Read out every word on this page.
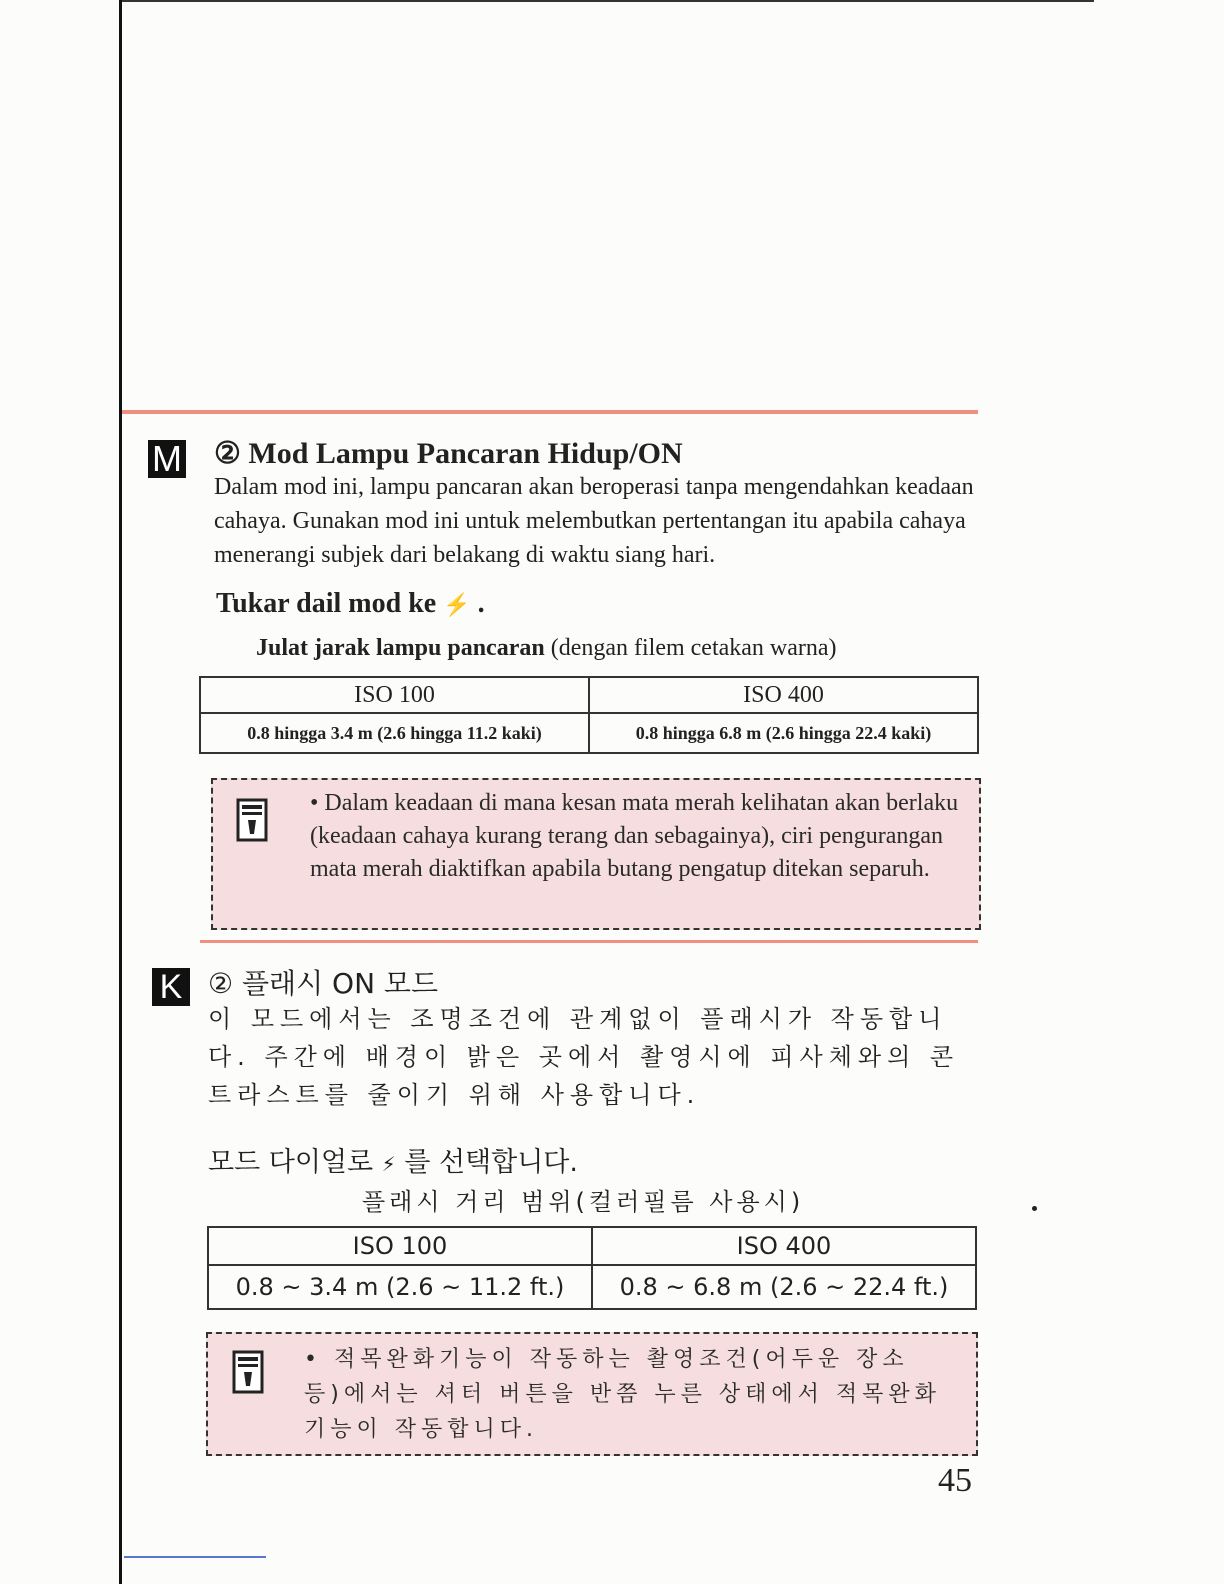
M ② Mod Lampu Pancaran Hidup/ON
Dalam mod ini, lampu pancaran akan beroperasi tanpa mengendahkan keadaan cahaya. Gunakan mod ini untuk melembutkan pertentangan itu apabila cahaya menerangi subjek dari belakang di waktu siang hari.
Tukar dail mod ke ⚡ .
Julat jarak lampu pancaran (dengan filem cetakan warna)
ISO 100	ISO 400
0.8 hingga 3.4 m (2.6 hingga 11.2 kaki)	0.8 hingga 6.8 m (2.6 hingga 22.4 kaki)
• Dalam keadaan di mana kesan mata merah kelihatan akan berlaku (keadaan cahaya kurang terang dan sebagainya), ciri pengurangan mata merah diaktifkan apabila butang pengatup ditekan separuh.
K ② 플래시 ON 모드
이 모드에서는 조명조건에 관계없이 플래시가 작동합니다. 주간에 배경이 밝은 곳에서 촬영시에 피사체와의 콘트라스트를 줄이기 위해 사용합니다.
모드 다이얼로 ⚡ 를 선택합니다.
플래시 거리 범위(컬러필름 사용시)
ISO 100	ISO 400
0.8 ~ 3.4 m (2.6 ~ 11.2 ft.)	0.8 ~ 6.8 m (2.6 ~ 22.4 ft.)
• 적목완화기능이 작동하는 촬영조건(어두운 장소 등)에서는 셔터 버튼을 반쯤 누른 상태에서 적목완화기능이 작동합니다.
45
